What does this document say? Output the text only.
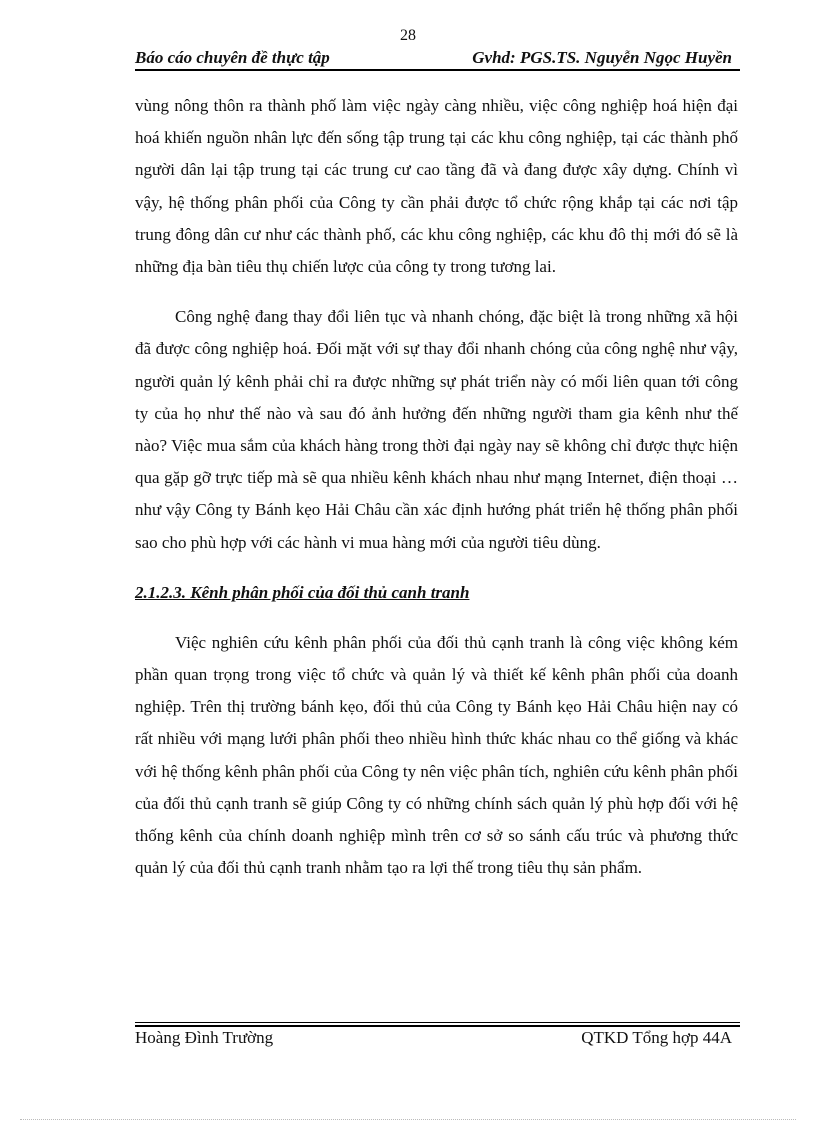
28
Báo cáo chuyên đề thực tập	Gvhd: PGS.TS. Nguyễn Ngọc Huyền

vùng nông thôn ra thành phố làm việc ngày càng nhiều, việc công nghiệp hoá hiện đại hoá khiến nguồn nhân lực đến sống tập trung tại các khu công nghiệp, tại các thành phố người dân lại tập trung tại các trung cư cao tầng đã và đang được xây dựng. Chính vì vậy, hệ thống phân phối của Công ty cần phải được tổ chức rộng khắp tại các nơi tập trung đông dân cư như các thành phố, các khu công nghiệp, các khu đô thị mới đó sẽ là những địa bàn tiêu thụ chiến lược của công ty trong tương lai.

Công nghệ đang thay đổi liên tục và nhanh chóng, đặc biệt là trong những xã hội đã được công nghiệp hoá. Đối mặt với sự thay đổi nhanh chóng của công nghệ như vậy, người quản lý kênh phải chỉ ra được những sự phát triển này có mối liên quan tới công ty của họ như thế nào và sau đó ảnh hưởng đến những người tham gia kênh như thế nào? Việc mua sắm của khách hàng trong thời đại ngày nay sẽ không chỉ được thực hiện qua gặp gỡ trực tiếp mà sẽ qua nhiều kênh khách nhau như mạng Internet, điện thoại … như vậy Công ty Bánh kẹo Hải Châu cần xác định hướng phát triển hệ thống phân phối sao cho phù hợp với các hành vi mua hàng mới của người tiêu dùng.

2.1.2.3. Kênh phân phối của đối thủ canh tranh

Việc nghiên cứu kênh phân phối của đối thủ cạnh tranh là công việc không kém phần quan trọng trong việc tổ chức và quản lý và thiết kế kênh phân phối của doanh nghiệp. Trên thị trường bánh kẹo, đối thủ của Công ty Bánh kẹo Hải Châu hiện nay có rất nhiều với mạng lưới phân phối theo nhiều hình thức khác nhau co thể giống và khác với hệ thống kênh phân phối của Công ty nên việc phân tích, nghiên cứu kênh phân phối của đối thủ cạnh tranh sẽ giúp Công ty có những chính sách quản lý phù hợp đối với hệ thống kênh của chính doanh nghiệp mình trên cơ sở so sánh cấu trúc và phương thức quản lý của đối thủ cạnh tranh nhằm tạo ra lợi thế trong tiêu thụ sản phẩm.

Hoàng Đình Trường	QTKD Tổng hợp 44A
